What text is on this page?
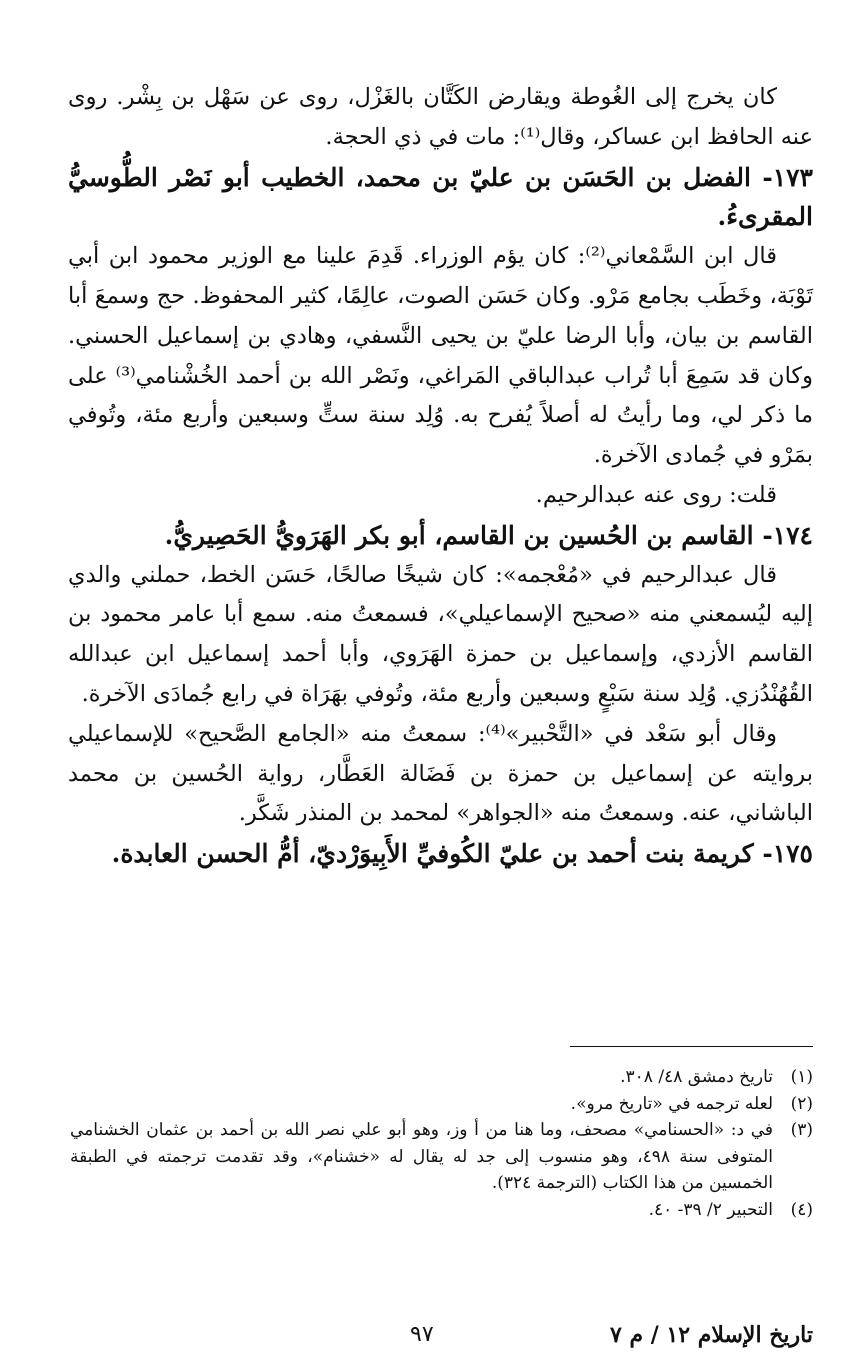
كان يخرج إلى الغُوطة ويقارض الكَتَّان بالغَزْل، روى عن سَهْل بن بِشْر. روى عنه الحافظ ابن عساكر، وقال⁽¹⁾: مات في ذي الحجة.

١٧٣- الفضل بن الحَسَن بن عليّ بن محمد، الخطيب أبو نَصْر الطُّوسيُّ المقرىءُ.

قال ابن السَّمْعاني⁽²⁾: كان يؤم الوزراء. قَدِمَ علينا مع الوزير محمود ابن أبي تَوْبَة، وخَطَب بجامع مَرْو. وكان حَسَن الصوت، عالِمًا، كثير المحفوظ. حج وسمعَ أبا القاسم بن بيان، وأبا الرضا عليّ بن يحيى النَّسفي، وهادي بن إسماعيل الحسني. وكان قد سَمِعَ أبا تُراب عبدالباقي المَراغي، ونَصْر الله بن أحمد الخُشْنامي⁽³⁾ على ما ذكر لي، وما رأيتُ له أصلاً يُفرح به. وُلِد سنة ستٍّ وسبعين وأربع مئة، وتُوفي بمَرْو في جُمادى الآخرة.

قلت: روى عنه عبدالرحيم.

١٧٤- القاسم بن الحُسين بن القاسم، أبو بكر الهَرَويُّ الحَصِيريُّ.

قال عبدالرحيم في «مُعْجمه»: كان شيخًا صالحًا، حَسَن الخط، حملني والدي إليه ليُسمعني منه «صحيح الإسماعيلي»، فسمعتُ منه. سمع أبا عامر محمود بن القاسم الأزدي، وإسماعيل بن حمزة الهَرَوي، وأبا أحمد إسماعيل ابن عبدالله القُهُنْدُزي. وُلِد سنة سَبْعٍ وسبعين وأربع مئة، وتُوفي بهَرَاة في رابع جُمادَى الآخرة.

وقال أبو سَعْد في «التَّحْبير»⁽⁴⁾: سمعتُ منه «الجامع الصَّحيح» للإسماعيلي بروايته عن إسماعيل بن حمزة بن فَضَالة العَطَّار، رواية الحُسين بن محمد الباشاني، عنه. وسمعتُ منه «الجواهر» لمحمد بن المنذر شَكَّر.

١٧٥- كريمة بنت أحمد بن عليّ الكُوفيِّ الأَبِيوَرْديّ، أمُّ الحسن العابدة.

(١)
تاريخ دمشق ٤٨/ ٣٠٨.
(٢)
لعله ترجمه في «تاريخ مرو».
(٣)
في د: «الحسنامي» مصحف، وما هنا من أ وز، وهو أبو علي نصر الله بن أحمد بن عثمان الخشنامي المتوفى سنة ٤٩٨، وهو منسوب إلى جد له يقال له «خشنام»، وقد تقدمت ترجمته في الطبقة الخمسين من هذا الكتاب (الترجمة ٣٢٤).
(٤)
التحبير ٢/ ٣٩- ٤٠.
تاريخ الإسلام ١٢ / م ٧
٩٧
